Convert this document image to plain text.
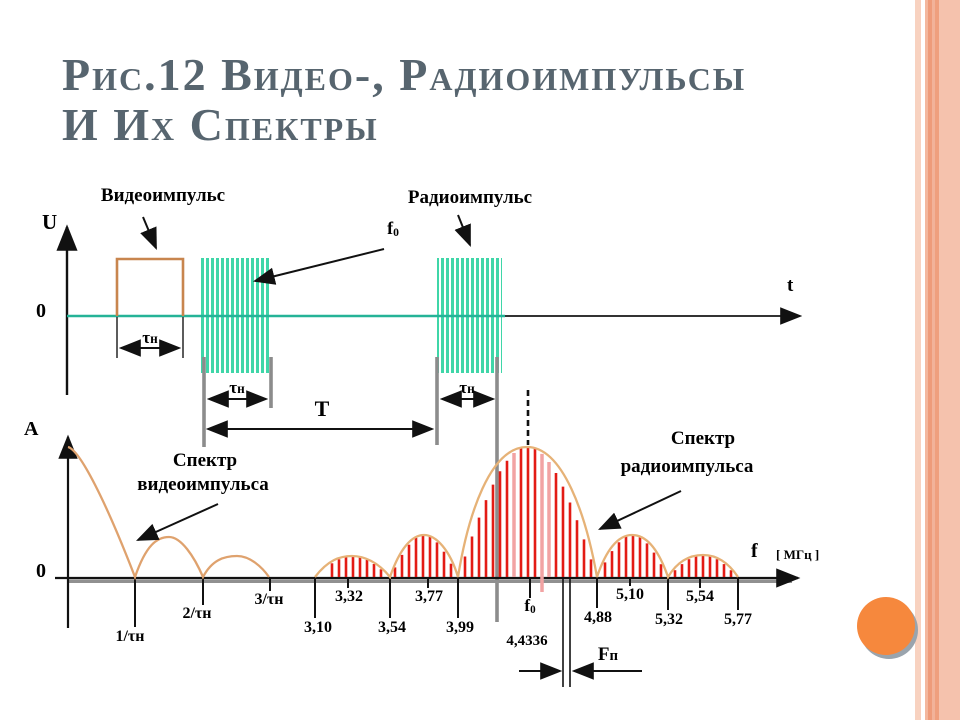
Рис.12 Видео-, Радиоимпульсы
И Их Спектры
U
0
t
Видеоимпульс	Радиоимпульс
f0
τн
τн	τн
T
A
0
f [ МГц ]
Спектр
видеоимпульса
Спектр
радиоимпульса
f0
4,4336
Fп
1/τн
2/τн
3/τн
3,10
3,32
3,54
3,77
3,99
4,88
5,10
5,32
5,54
5,77
